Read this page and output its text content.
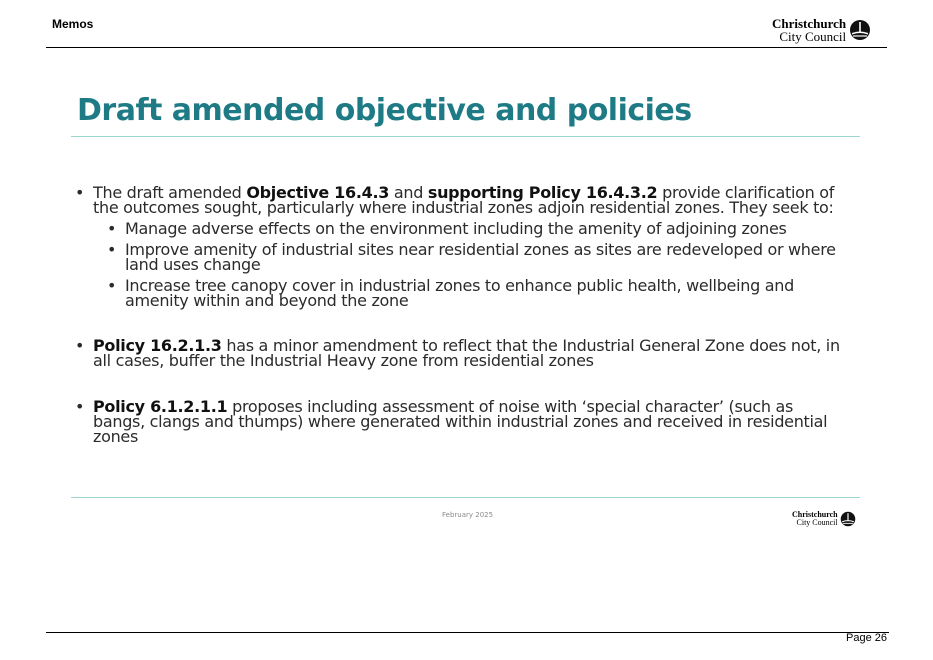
Memos	Christchurch
City Council
Draft amended objective and policies
• The draft amended Objective 16.4.3 and supporting Policy 16.4.3.2 provide clarification of the outcomes sought, particularly where industrial zones adjoin residential zones. They seek to:
• Manage adverse effects on the environment including the amenity of adjoining zones
• Improve amenity of industrial sites near residential zones as sites are redeveloped or where land uses change
• Increase tree canopy cover in industrial zones to enhance public health, wellbeing and amenity within and beyond the zone
• Policy 16.2.1.3 has a minor amendment to reflect that the Industrial General Zone does not, in all cases, buffer the Industrial Heavy zone from residential zones
• Policy 6.1.2.1.1 proposes including assessment of noise with ‘special character’ (such as bangs, clangs and thumps) where generated within industrial zones and received in residential zones
February 2025	Christchurch
City Council
Page 26
